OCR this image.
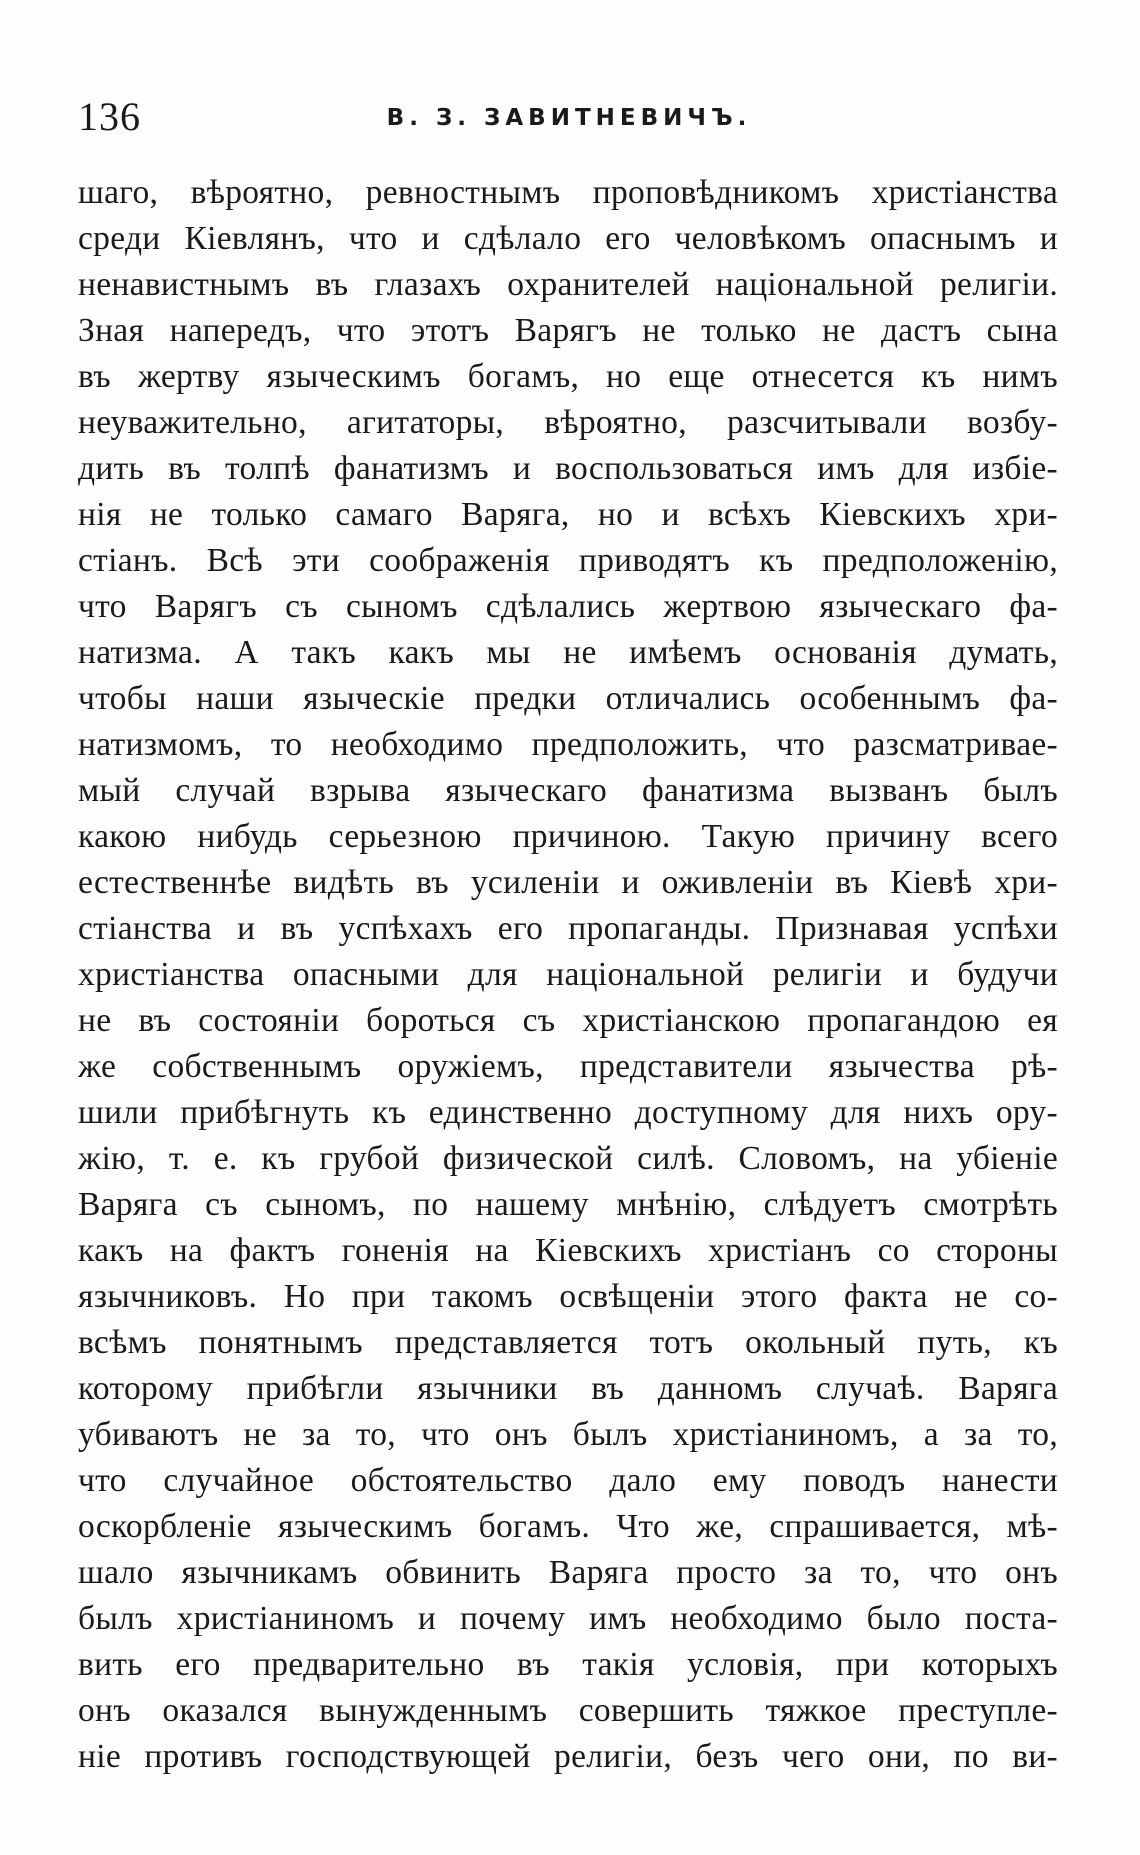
136	В. З. ЗАВИТНЕВИЧЪ.
шаго, вѣроятно, ревностнымъ проповѣдникомъ христіанства
среди Кіевлянъ, что и сдѣлало его человѣкомъ опаснымъ и
ненавистнымъ въ глазахъ охранителей національной религіи.
Зная напередъ, что этотъ Варягъ не только не дастъ сына
въ жертву языческимъ богамъ, но еще отнесется къ нимъ
неуважительно, агитаторы, вѣроятно, разсчитывали возбу-
дить въ толпѣ фанатизмъ и воспользоваться имъ для избіе-
нія не только самаго Варяга, но и всѣхъ Кіевскихъ хри-
стіанъ. Всѣ эти соображенія приводятъ къ предположенію,
что Варягъ съ сыномъ сдѣлались жертвою языческаго фа-
натизма. А такъ какъ мы не имѣемъ основанія думать,
чтобы наши языческіе предки отличались особеннымъ фа-
натизмомъ, то необходимо предположить, что разсматривае-
мый случай взрыва языческаго фанатизма вызванъ былъ
какою нибудь серьезною причиною. Такую причину всего
естественнѣе видѣть въ усиленіи и оживленіи въ Кіевѣ хри-
стіанства и въ успѣхахъ его пропаганды. Признавая успѣхи
христіанства опасными для національной религіи и будучи
не въ состояніи бороться съ христіанскою пропагандою ея
же собственнымъ оружіемъ, представители язычества рѣ-
шили прибѣгнуть къ единственно доступному для нихъ ору-
жію, т. е. къ грубой физической силѣ. Словомъ, на убіеніе
Варяга съ сыномъ, по нашему мнѣнію, слѣдуетъ смотрѣть
какъ на фактъ гоненія на Кіевскихъ христіанъ со стороны
язычниковъ. Но при такомъ освѣщеніи этого факта не со-
всѣмъ понятнымъ представляется тотъ окольный путь, къ
которому прибѣгли язычники въ данномъ случаѣ. Варяга
убиваютъ не за то, что онъ былъ христіаниномъ, а за то,
что случайное обстоятельство дало ему поводъ нанести
оскорбленіе языческимъ богамъ. Что же, спрашивается, мѣ-
шало язычникамъ обвинить Варяга просто за то, что онъ
былъ христіаниномъ и почему имъ необходимо было поста-
вить его предварительно въ такія условія, при которыхъ
онъ оказался вынужденнымъ совершить тяжкое преступле-
ніе противъ господствующей религіи, безъ чего они, по ви-
